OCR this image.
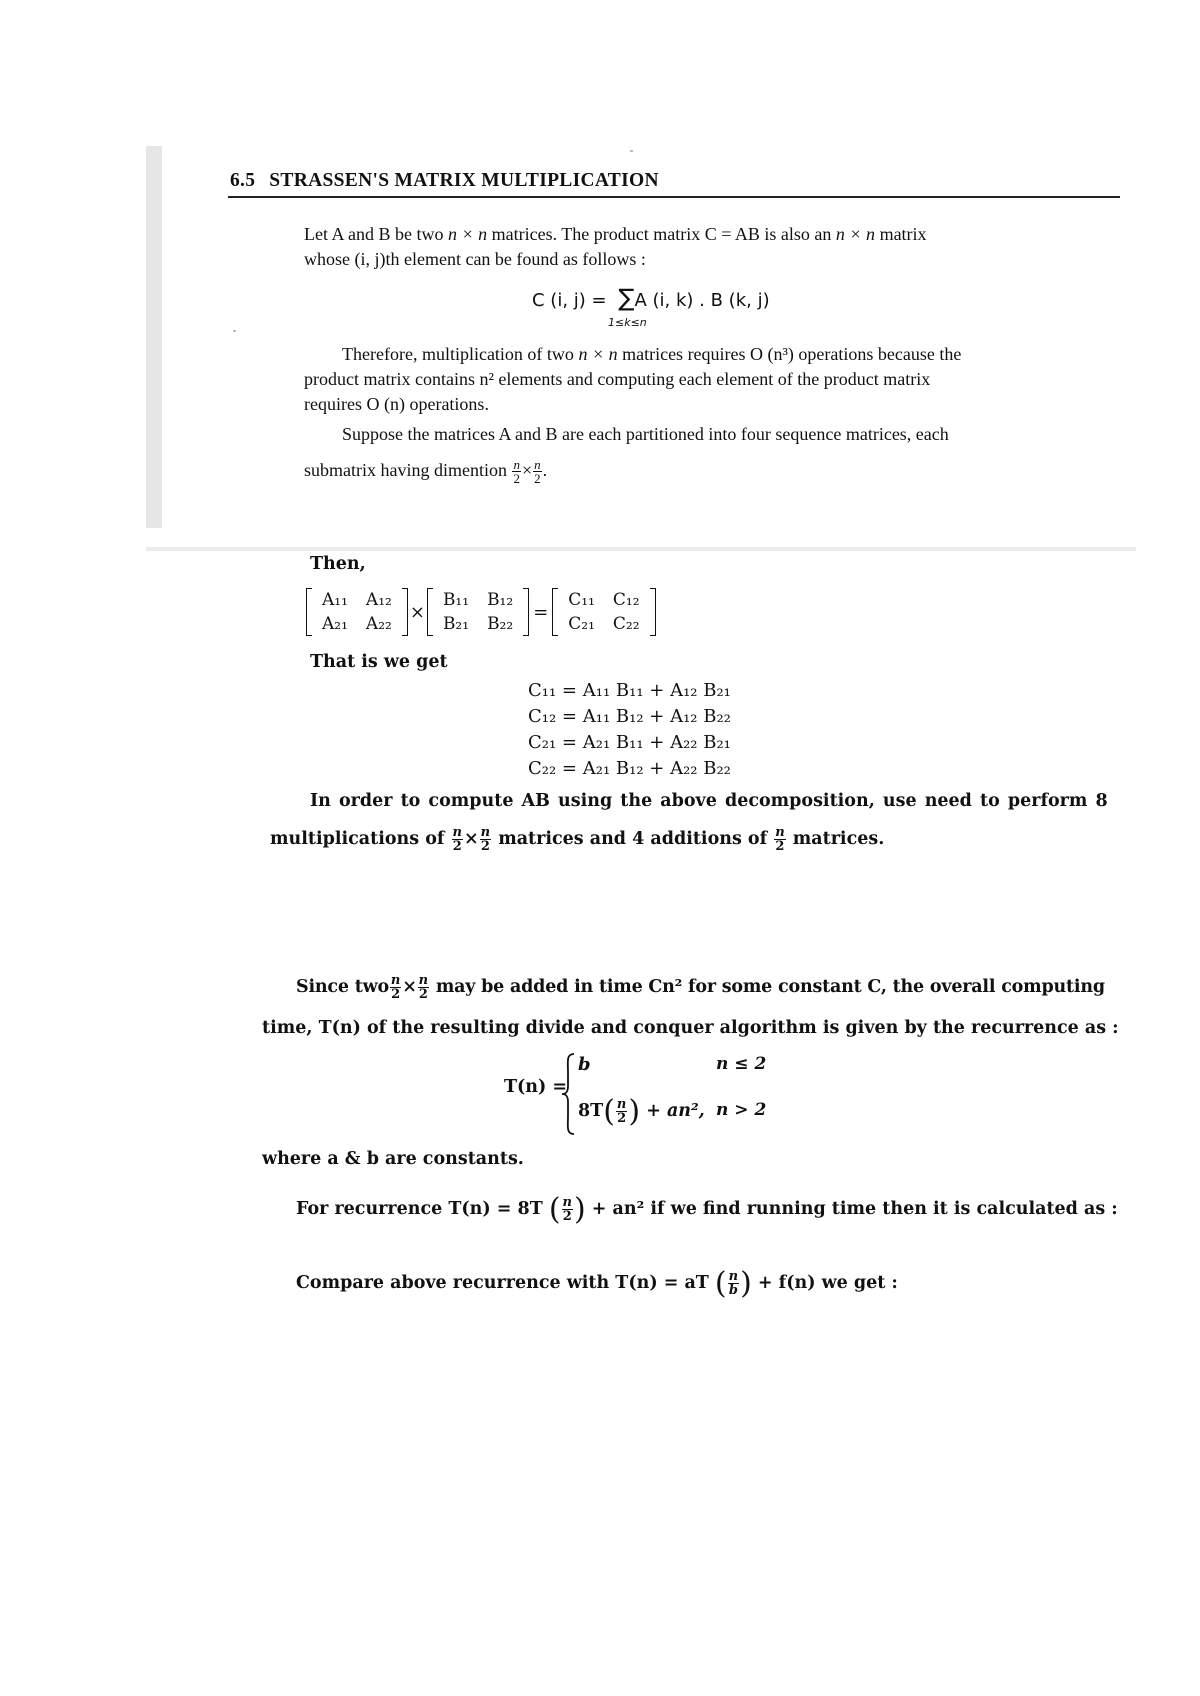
6.5 STRASSEN'S MATRIX MULTIPLICATION
Let A and B be two n × n matrices. The product matrix C = AB is also an n × n matrix
whose (i, j)th element can be found as follows :
C (i, j) = ∑A (i, k) . B (k, j)
1≤k≤n
Therefore, multiplication of two n × n matrices requires O (n³) operations because the
product matrix contains n² elements and computing each element of the product matrix
requires O (n) operations.
Suppose the matrices A and B are each partitioned into four sequence matrices, each
submatrix having dimention $\frac{n}{2} \times \frac{n}{2}$ .
Then,
A₁₁	A₁₂
A₂₁	A₂₂
×
B₁₁	B₁₂
B₂₁	B₂₂
=
C₁₁	C₁₂
C₂₁	C₂₂
That is we get
C₁₁ = A₁₁ B₁₁ + A₁₂ B₂₁
C₁₂ = A₁₁ B₁₂ + A₁₂ B₂₂
C₂₁ = A₂₁ B₁₁ + A₂₂ B₂₁
C₂₂ = A₂₁ B₁₂ + A₂₂ B₂₂
In order to compute AB using the above decomposition, use need to perform 8
multiplications of $\frac{n}{2} \times \frac{n}{2}$ matrices and 4 additions of $\frac{n}{2}$ matrices.
Since two $\frac{n}{2} \times \frac{n}{2}$ may be added in time Cn² for some constant C, the overall computing
time, T(n) of the resulting divide and conquer algorithm is given by the recurrence as :
T(n) =
b	n ≤ 2
$8T( \frac{n}{2}$ ) + an², n > 2
where a & b are constants.
For recurrence T(n) = 8T ( $\frac{n}{2}$ ) + an² if we find running time then it is calculated as :
Compare above recurrence with T(n) = aT ( $\frac{n}{b}$ ) + f(n) we get :
